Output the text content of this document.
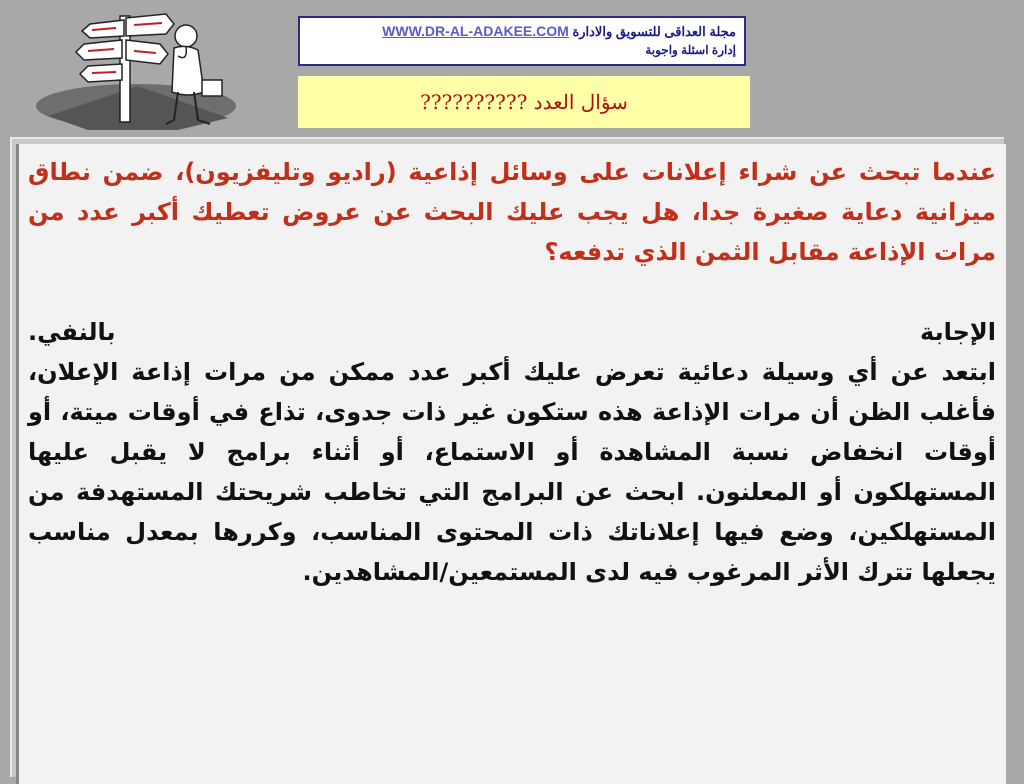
مجلة العداقى للتسويق والادارة WWW.DR-AL-ADAKEE.COM
إدارة اسئلة واجوبة
سؤال العدد ??????????

عندما تبحث عن شراء إعلانات على وسائل إذاعية (راديو وتليفزيون)، ضمن نطاق ميزانية دعاية صغيرة جدا، هل يجب عليك البحث عن عروض تعطيك أكبر عدد من مرات الإذاعة مقابل الثمن الذي تدفعه؟

الإجابة بالنفي.

ابتعد عن أي وسيلة دعائية تعرض عليك أكبر عدد ممكن من مرات إذاعة الإعلان، فأغلب الظن أن مرات الإذاعة هذه ستكون غير ذات جدوى، تذاع في أوقات ميتة، أو أوقات انخفاض نسبة المشاهدة أو الاستماع، أو أثناء برامج لا يقبل عليها المستهلكون أو المعلنون. ابحث عن البرامج التي تخاطب شريحتك المستهدفة من المستهلكين، وضع فيها إعلاناتك ذات المحتوى المناسب، وكررها بمعدل مناسب يجعلها تترك الأثر المرغوب فيه لدى المستمعين/المشاهدين.
